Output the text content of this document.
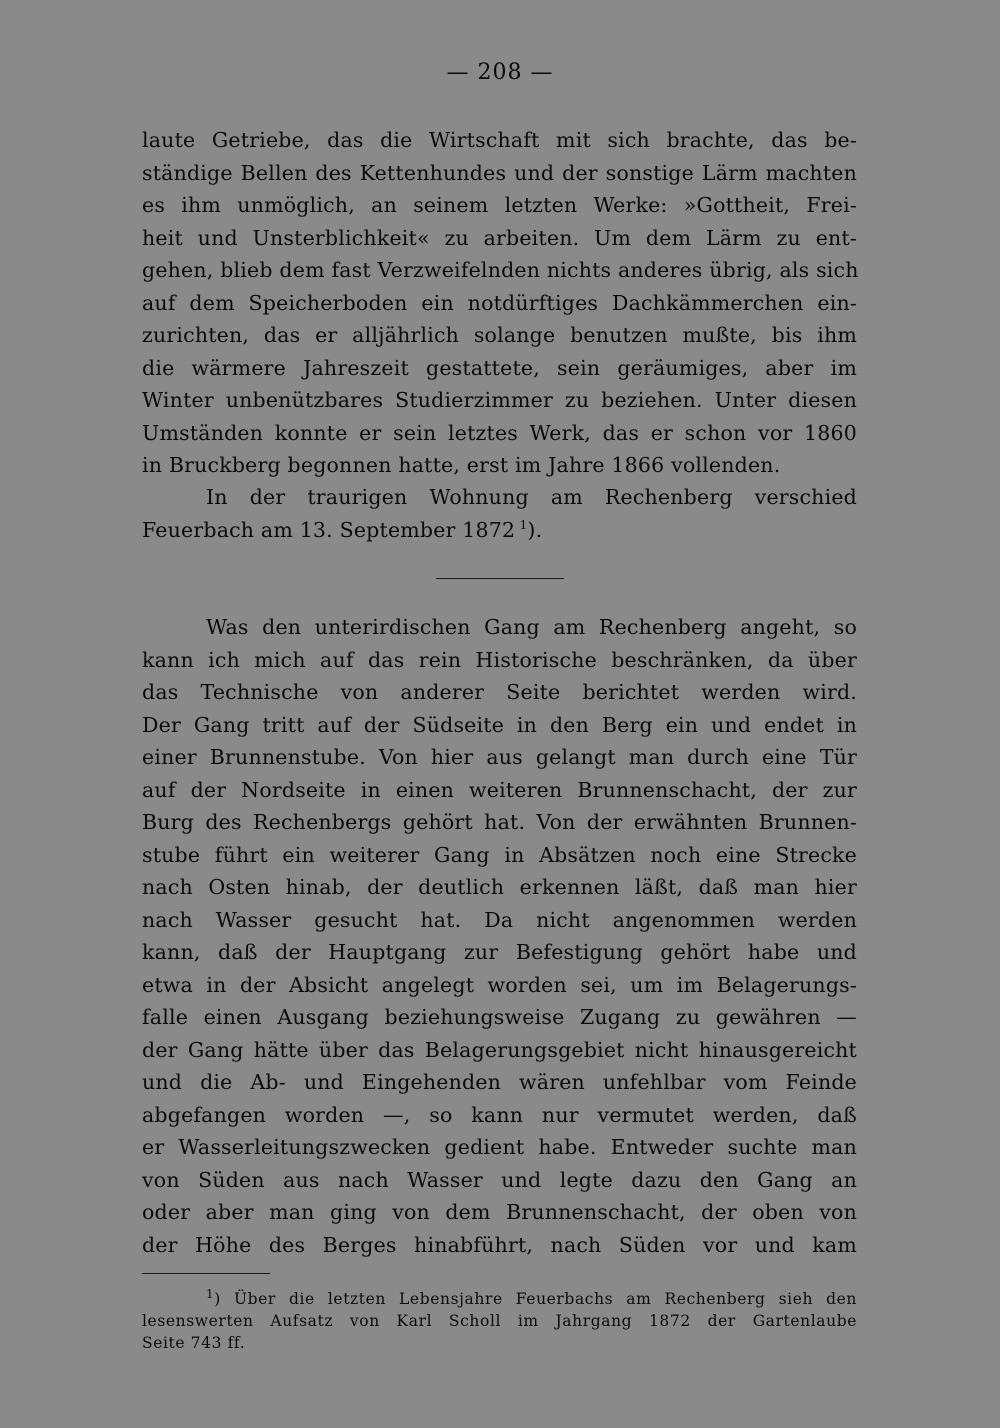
— 208 —
laute Getriebe, das die Wirtschaft mit sich brachte, das be-
ständige Bellen des Kettenhundes und der sonstige Lärm machten
es ihm unmöglich, an seinem letzten Werke: »Gottheit, Frei-
heit und Unsterblichkeit« zu arbeiten. Um dem Lärm zu ent-
gehen, blieb dem fast Verzweifelnden nichts anderes übrig, als sich
auf dem Speicherboden ein notdürftiges Dachkämmerchen ein-
zurichten, das er alljährlich solange benutzen mußte, bis ihm
die wärmere Jahreszeit gestattete, sein geräumiges, aber im
Winter unbenützbares Studierzimmer zu beziehen. Unter diesen
Umständen konnte er sein letztes Werk, das er schon vor 1860
in Bruckberg begonnen hatte, erst im Jahre 1866 vollenden.
In der traurigen Wohnung am Rechenberg verschied
Feuerbach am 13. September 1872  $^1$).
Was den unterirdischen Gang am Rechenberg angeht, so
kann ich mich auf das rein Historische beschränken, da über
das Technische von anderer Seite berichtet werden wird.
Der Gang tritt auf der Südseite in den Berg ein und endet in
einer Brunnenstube. Von hier aus gelangt man durch eine Tür
auf der Nordseite in einen weiteren Brunnenschacht, der zur
Burg des Rechenbergs gehört hat. Von der erwähnten Brunnen-
stube führt ein weiterer Gang in Absätzen noch eine Strecke
nach Osten hinab, der deutlich erkennen läßt, daß man hier
nach Wasser gesucht hat. Da nicht angenommen werden
kann, daß der Hauptgang zur Befestigung gehört habe und
etwa in der Absicht angelegt worden sei, um im Belagerungs-
falle einen Ausgang beziehungsweise Zugang zu gewähren —
der Gang hätte über das Belagerungsgebiet nicht hinausgereicht
und die Ab- und Eingehenden wären unfehlbar vom Feinde
abgefangen worden —, so kann nur vermutet werden, daß
er Wasserleitungszwecken gedient habe. Entweder suchte man
von Süden aus nach Wasser und legte dazu den Gang an
oder aber man ging von dem Brunnenschacht, der oben von
der Höhe des Berges hinabführt, nach Süden vor und kam
$^1$) Über die letzten Lebensjahre Feuerbachs am Rechenberg sieh den
lesenswerten Aufsatz von Karl Scholl im Jahrgang 1872 der Gartenlaube
Seite 743 ff.
